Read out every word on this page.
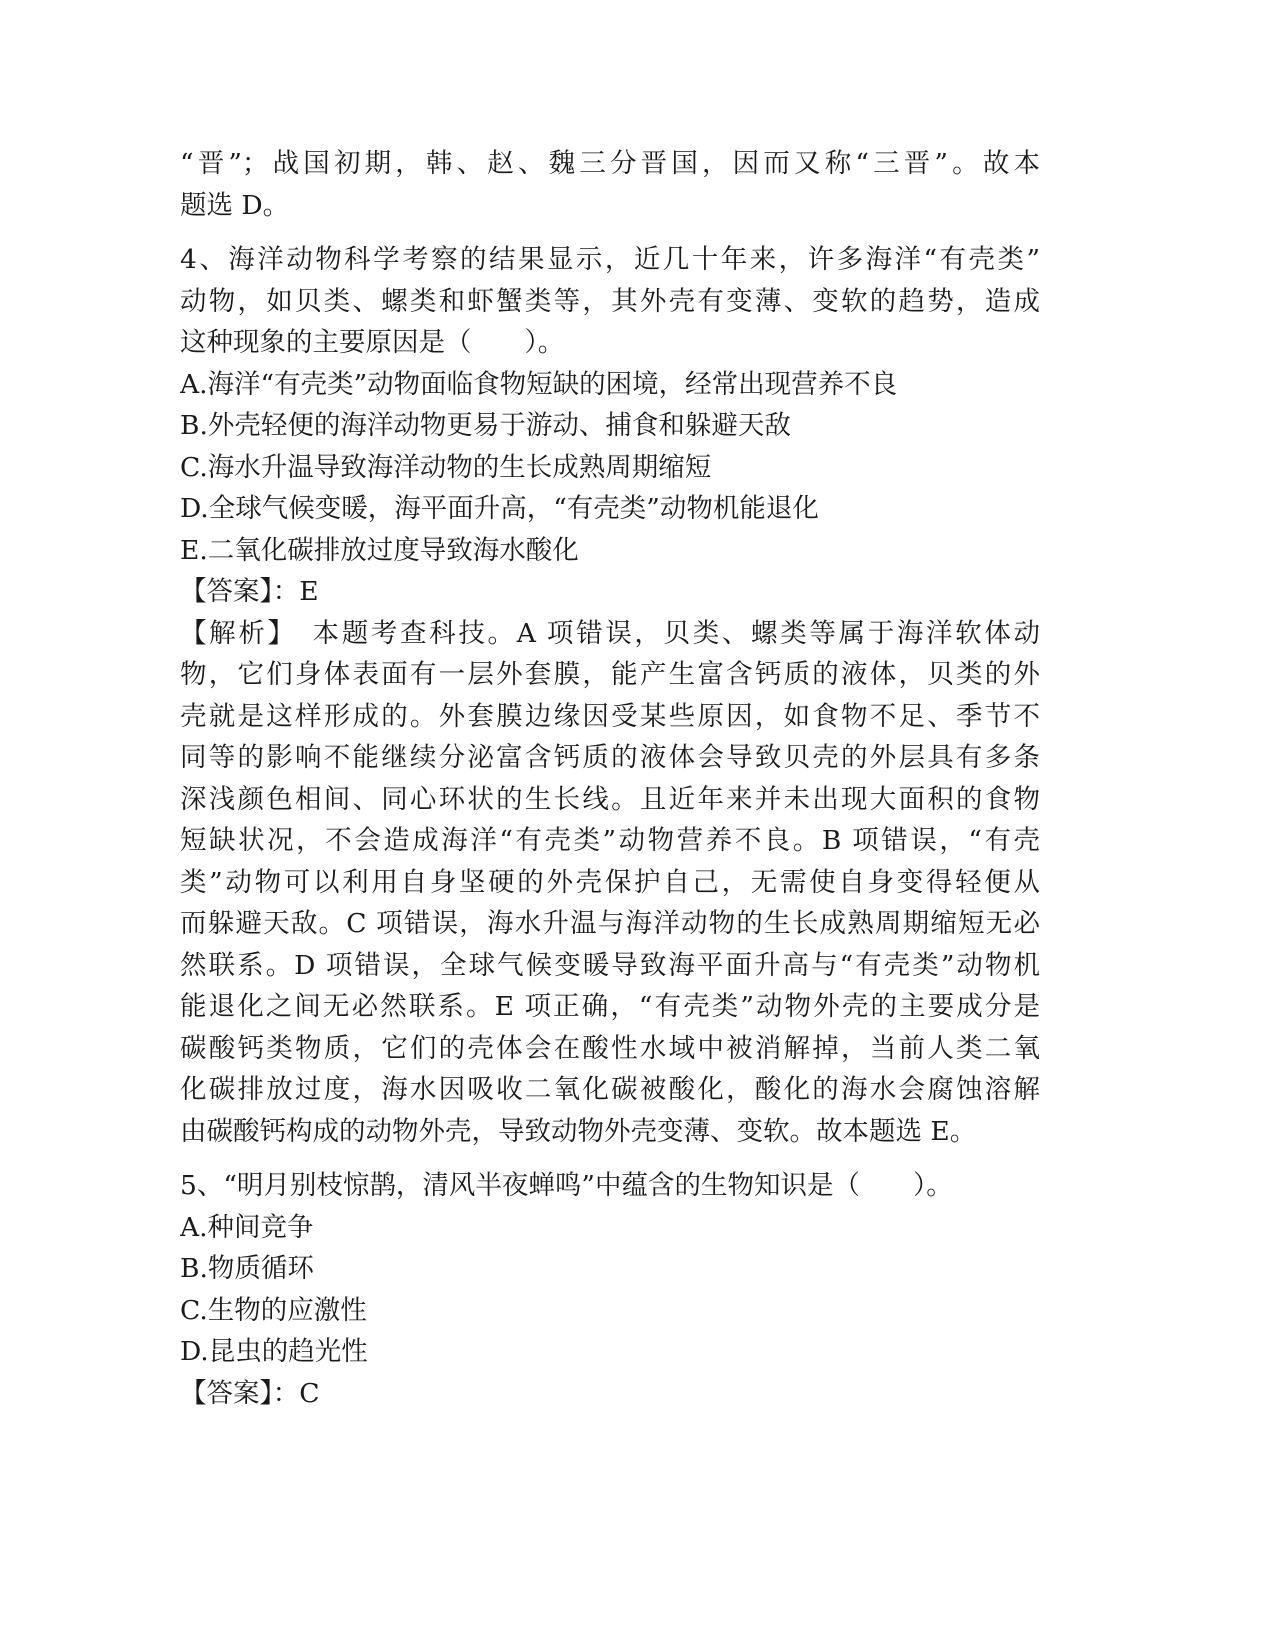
“晋”；战国初期，韩、赵、魏三分晋国，因而又称“三晋”。故本
题选 D。
4、海洋动物科学考察的结果显示，近几十年来，许多海洋“有壳类”
动物，如贝类、螺类和虾蟹类等，其外壳有变薄、变软的趋势，造成
这种现象的主要原因是（　　）。
A.海洋“有壳类”动物面临食物短缺的困境，经常出现营养不良
B.外壳轻便的海洋动物更易于游动、捕食和躲避天敌
C.海水升温导致海洋动物的生长成熟周期缩短
D.全球气候变暖，海平面升高，“有壳类”动物机能退化
E.二氧化碳排放过度导致海水酸化
【答案】：E
【解析】　本题考查科技。A 项错误，贝类、螺类等属于海洋软体动
物，它们身体表面有一层外套膜，能产生富含钙质的液体，贝类的外
壳就是这样形成的。外套膜边缘因受某些原因，如食物不足、季节不
同等的影响不能继续分泌富含钙质的液体会导致贝壳的外层具有多条
深浅颜色相间、同心环状的生长线。且近年来并未出现大面积的食物
短缺状况，不会造成海洋“有壳类”动物营养不良。B 项错误，“有壳
类”动物可以利用自身坚硬的外壳保护自己，无需使自身变得轻便从
而躲避天敌。C 项错误，海水升温与海洋动物的生长成熟周期缩短无必
然联系。D 项错误，全球气候变暖导致海平面升高与“有壳类”动物机
能退化之间无必然联系。E 项正确，“有壳类”动物外壳的主要成分是
碳酸钙类物质，它们的壳体会在酸性水域中被消解掉，当前人类二氧
化碳排放过度，海水因吸收二氧化碳被酸化，酸化的海水会腐蚀溶解
由碳酸钙构成的动物外壳，导致动物外壳变薄、变软。故本题选 E。
5、“明月别枝惊鹊，清风半夜蝉鸣”中蕴含的生物知识是（　　）。
A.种间竞争
B.物质循环
C.生物的应激性
D.昆虫的趋光性
【答案】：C
